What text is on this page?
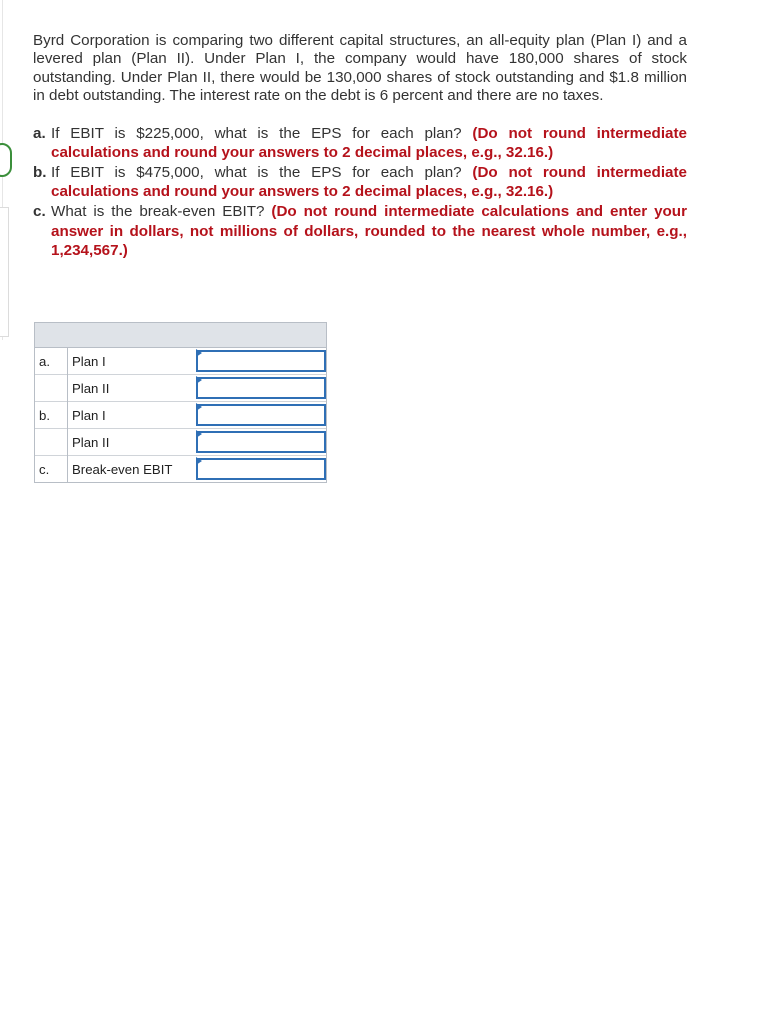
Byrd Corporation is comparing two different capital structures, an all-equity plan (Plan I) and a levered plan (Plan II). Under Plan I, the company would have 180,000 shares of stock outstanding. Under Plan II, there would be 130,000 shares of stock outstanding and $1.8 million in debt outstanding. The interest rate on the debt is 6 percent and there are no taxes.

a. If EBIT is $225,000, what is the EPS for each plan? (Do not round intermediate calculations and round your answers to 2 decimal places, e.g., 32.16.)
b. If EBIT is $475,000, what is the EPS for each plan? (Do not round intermediate calculations and round your answers to 2 decimal places, e.g., 32.16.)
c. What is the break-even EBIT? (Do not round intermediate calculations and enter your answer in dollars, not millions of dollars, rounded to the nearest whole number, e.g., 1,234,567.)

a.	Plan I	

	Plan II	

b.	Plan I	

	Plan II	

c.	Break-even EBIT	
